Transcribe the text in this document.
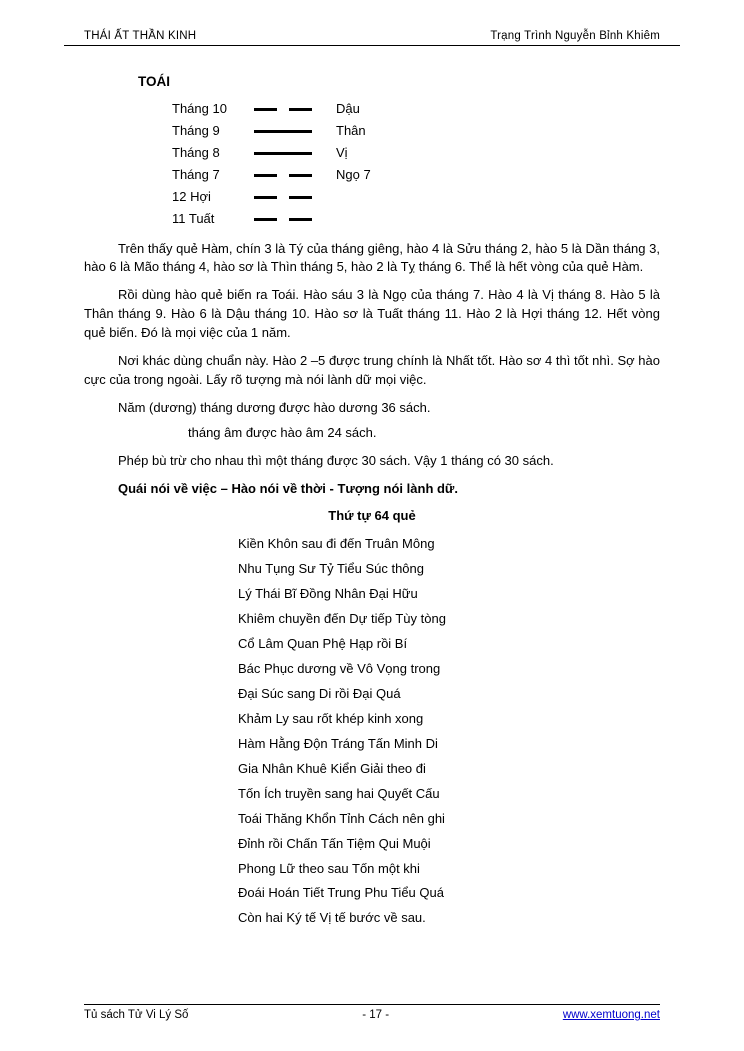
THÁI ẤT THẦN KINH	Trạng Trình Nguyễn Bỉnh Khiêm
TOÁI
Tháng 10		Dậu
Tháng 9		Thân
Tháng 8		Vị
Tháng 7		Ngọ 7
12 Hợi	

11 Tuất	

Trên thấy quẻ Hàm, chín 3 là Tý của tháng giêng, hào 4 là Sửu tháng 2, hào 5 là Dần tháng 3, hào 6 là Mão tháng 4, hào sơ là Thìn tháng 5, hào 2 là Tỵ tháng 6. Thể là hết vòng của quẻ Hàm.

Rồi dùng hào quẻ biến ra Toái. Hào sáu 3 là Ngọ của tháng 7. Hào 4 là Vị tháng 8. Hào 5 là Thân tháng 9. Hào 6 là Dậu tháng 10. Hào sơ là Tuất tháng 11. Hào 2 là Hợi tháng 12. Hết vòng quẻ biến. Đó là mọi việc của 1 năm.

Nơi khác dùng chuẩn này. Hào 2 –5 được trung chính là Nhất tốt. Hào sơ 4 thì tốt nhì. Sợ hào cực của trong ngoài. Lấy rõ tượng mà nói lành dữ mọi việc.

Năm (dương) tháng dương được hào dương 36 sách.

tháng âm được hào âm 24 sách.

Phép bù trừ cho nhau thì một tháng được 30 sách. Vậy 1 tháng có 30 sách.

Quái nói về việc – Hào nói về thời - Tượng nói lành dữ.

Thứ tự 64 quẻ
Kiền Khôn sau đi đến Truân Mông
Nhu Tụng Sư Tỷ Tiểu Súc thông
Lý Thái Bĩ Đồng Nhân Đại Hữu
Khiêm chuyền đến Dự tiếp Tùy tòng
Cổ Lâm Quan Phệ Hạp rồi Bí
Bác Phục dương về Vô Vọng trong
Đại Súc sang Di rồi Đại Quá
Khảm Ly sau rốt khép kinh xong
Hàm Hằng Độn Tráng Tấn Minh Di
Gia Nhân Khuê Kiển Giải theo đi
Tốn Ích truyền sang hai Quyết Cấu
Toái Thăng Khổn Tỉnh Cách nên ghi
Đỉnh rồi Chấn Tấn Tiệm Qui Muội
Phong Lữ theo sau Tốn một khi
Đoái Hoán Tiết Trung Phu Tiểu Quá
Còn hai Ký tế Vị tế bước về sau.
Tủ sách Tử Vi Lý Số	- 17 -	www.xemtuong.net
